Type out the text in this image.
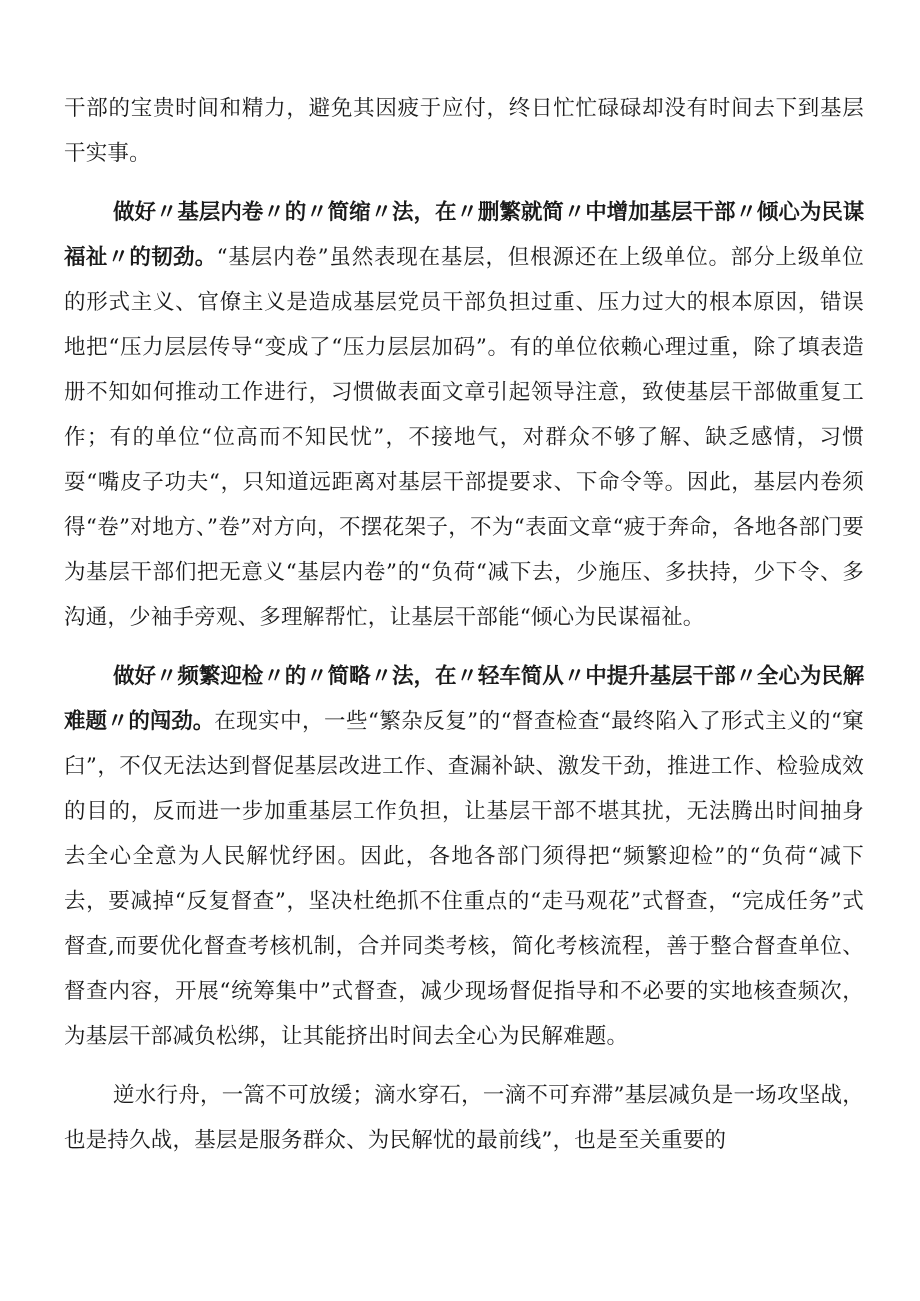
干部的宝贵时间和精力，避免其因疲于应付，终日忙忙碌碌却没有时间去下到基层干实事。

做好〃基层内卷〃的〃简缩〃法，在〃删繁就简〃中增加基层干部〃倾心为民谋福祉〃的韧劲。“基层内卷”虽然表现在基层，但根源还在上级单位。部分上级单位的形式主义、官僚主义是造成基层党员干部负担过重、压力过大的根本原因，错误地把“压力层层传导“变成了“压力层层加码”。有的单位依赖心理过重，除了填表造册不知如何推动工作进行，习惯做表面文章引起领导注意，致使基层干部做重复工作；有的单位“位高而不知民忧”，不接地气，对群众不够了解、缺乏感情，习惯耍“嘴皮子功夫“，只知道远距离对基层干部提要求、下命令等。因此，基层内卷须得“卷”对地方、”卷”对方向，不摆花架子，不为“表面文章“疲于奔命，各地各部门要为基层干部们把无意义“基层内卷”的“负荷“减下去，少施压、多扶持，少下令、多沟通，少袖手旁观、多理解帮忙，让基层干部能“倾心为民谋福祉。

做好〃频繁迎检〃的〃简略〃法，在〃轻车简从〃中提升基层干部〃全心为民解难题〃的闯劲。在现实中，一些“繁杂反复”的“督查检查“最终陷入了形式主义的“窠臼”，不仅无法达到督促基层改进工作、查漏补缺、激发干劲，推进工作、检验成效的目的，反而进一步加重基层工作负担，让基层干部不堪其扰，无法腾出时间抽身去全心全意为人民解忧纾困。因此，各地各部门须得把“频繁迎检”的“负荷“减下去，要减掉“反复督查”，坚决杜绝抓不住重点的“走马观花”式督查，“完成任务”式督查,而要优化督查考核机制，合并同类考核，简化考核流程，善于整合督查单位、督查内容，开展“统筹集中”式督查，减少现场督促指导和不必要的实地核查频次，为基层干部减负松绑，让其能挤出时间去全心为民解难题。

逆水行舟，一篙不可放缓；滴水穿石，一滴不可弃滞”基层减负是一场攻坚战，也是持久战，基层是服务群众、为民解忧的最前线”，也是至关重要的
